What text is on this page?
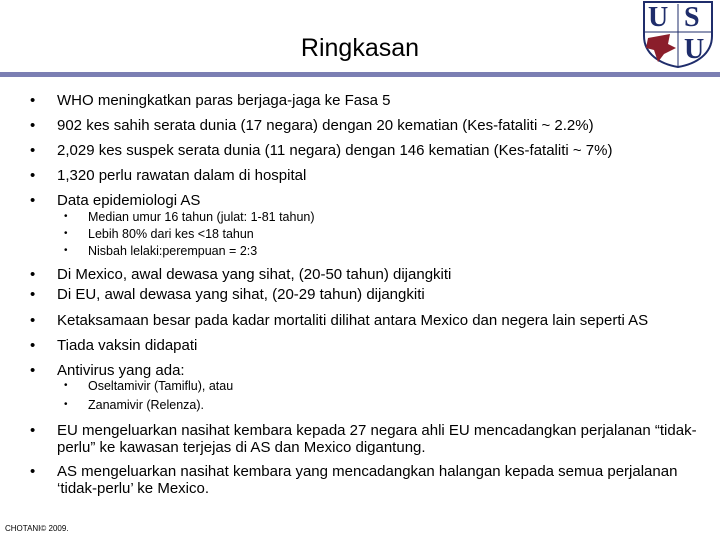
Ringkasan
U S
U
• WHO meningkatkan paras berjaga-jaga ke Fasa 5
• 902 kes sahih serata dunia (17 negara) dengan 20 kematian (Kes-fataliti ~ 2.2%)
• 2,029 kes suspek serata dunia (11 negara) dengan 146 kematian (Kes-fataliti ~ 7%)
• 1,320 perlu rawatan dalam di hospital
• Data epidemiologi AS
• Median umur 16 tahun (julat: 1-81 tahun)
• Lebih 80% dari kes <18 tahun
• Nisbah lelaki:perempuan = 2:3
• Di Mexico, awal dewasa yang sihat, (20-50 tahun) dijangkiti
• Di EU, awal dewasa yang sihat, (20-29 tahun) dijangkiti
• Ketaksamaan besar pada kadar mortaliti dilihat antara Mexico dan negera lain seperti AS
• Tiada vaksin didapati
• Antivirus yang ada:
• Oseltamivir (Tamiflu), atau
• Zanamivir (Relenza).
• EU mengeluarkan nasihat kembara kepada 27 negara ahli EU mencadangkan perjalanan “tidak-perlu” ke kawasan terjejas di AS dan Mexico digantung.
• AS mengeluarkan nasihat kembara yang mencadangkan halangan kepada semua perjalanan ‘tidak-perlu’ ke Mexico.
CHOTANI© 2009.
